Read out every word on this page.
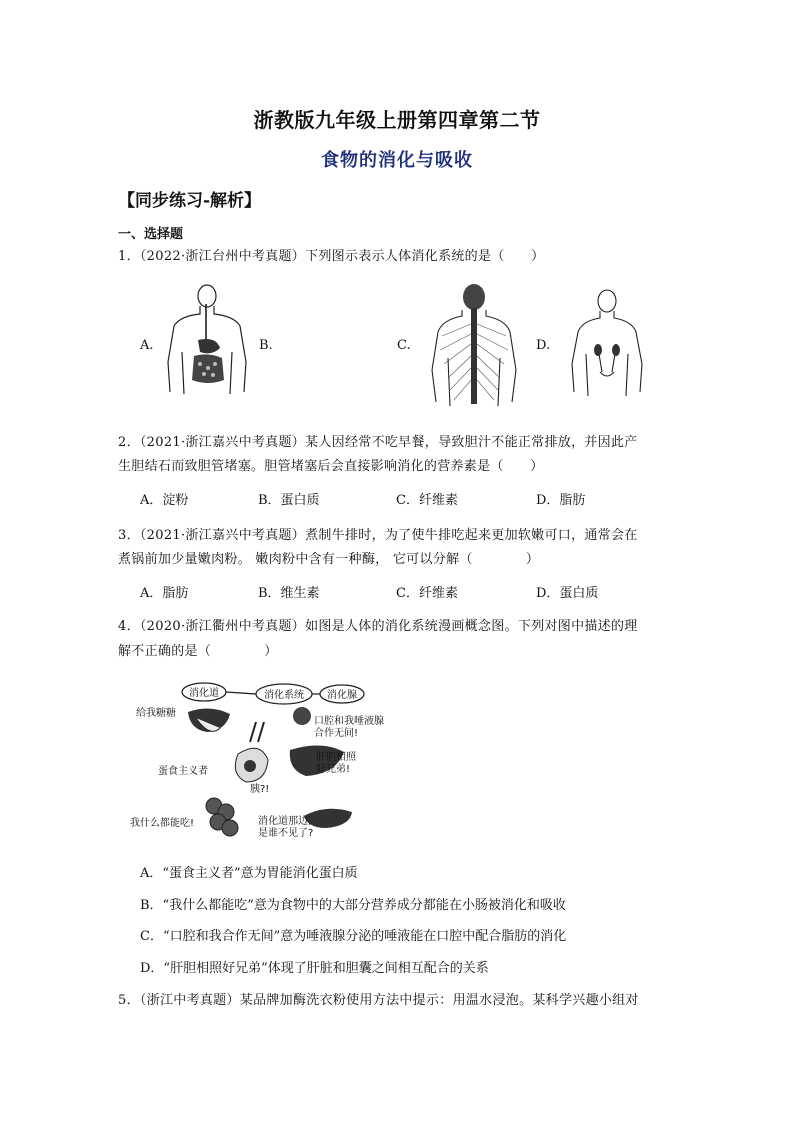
浙教版九年级上册第四章第二节
食物的消化与吸收
【同步练习-解析】
一、选择题
1．（2022·浙江台州中考真题）下列图示表示人体消化系统的是（　　）
A.	B.	C.	D.
2．（2021·浙江嘉兴中考真题）某人因经常不吃早餐，导致胆汁不能正常排放，并因此产
生胆结石而致胆管堵塞。胆管堵塞后会直接影响消化的营养素是（　　）
A．淀粉	B．蛋白质	C．纤维素	D．脂肪
3．（2021·浙江嘉兴中考真题）煮制牛排时，为了使牛排吃起来更加软嫩可口，通常会在
煮锅前加少量嫩肉粉。 嫩肉粉中含有一种酶， 它可以分解（　　　　）
A．脂肪	B．维生素	C．纤维素	D．蛋白质
4．（2020·浙江衢州中考真题）如图是人体的消化系统漫画概念图。下列对图中描述的理
解不正确的是（　　　　）
消化系统
消化道	消化腺
给我糖糖
口腔和我唾液腺
合作无间!
肝胆相照
好兄弟!
蛋食主义者
胰?!
我什么都能吃!	消化道那边,
是谁不见了?
A．“蛋食主义者”意为胃能消化蛋白质
B．“我什么都能吃”意为食物中的大部分营养成分都能在小肠被消化和吸收
C．“口腔和我合作无间”意为唾液腺分泌的唾液能在口腔中配合脂肪的消化
D．“肝胆相照好兄弟”体现了肝脏和胆囊之间相互配合的关系
5．（浙江中考真题）某品牌加酶洗衣粉使用方法中提示：用温水浸泡。某科学兴趣小组对
